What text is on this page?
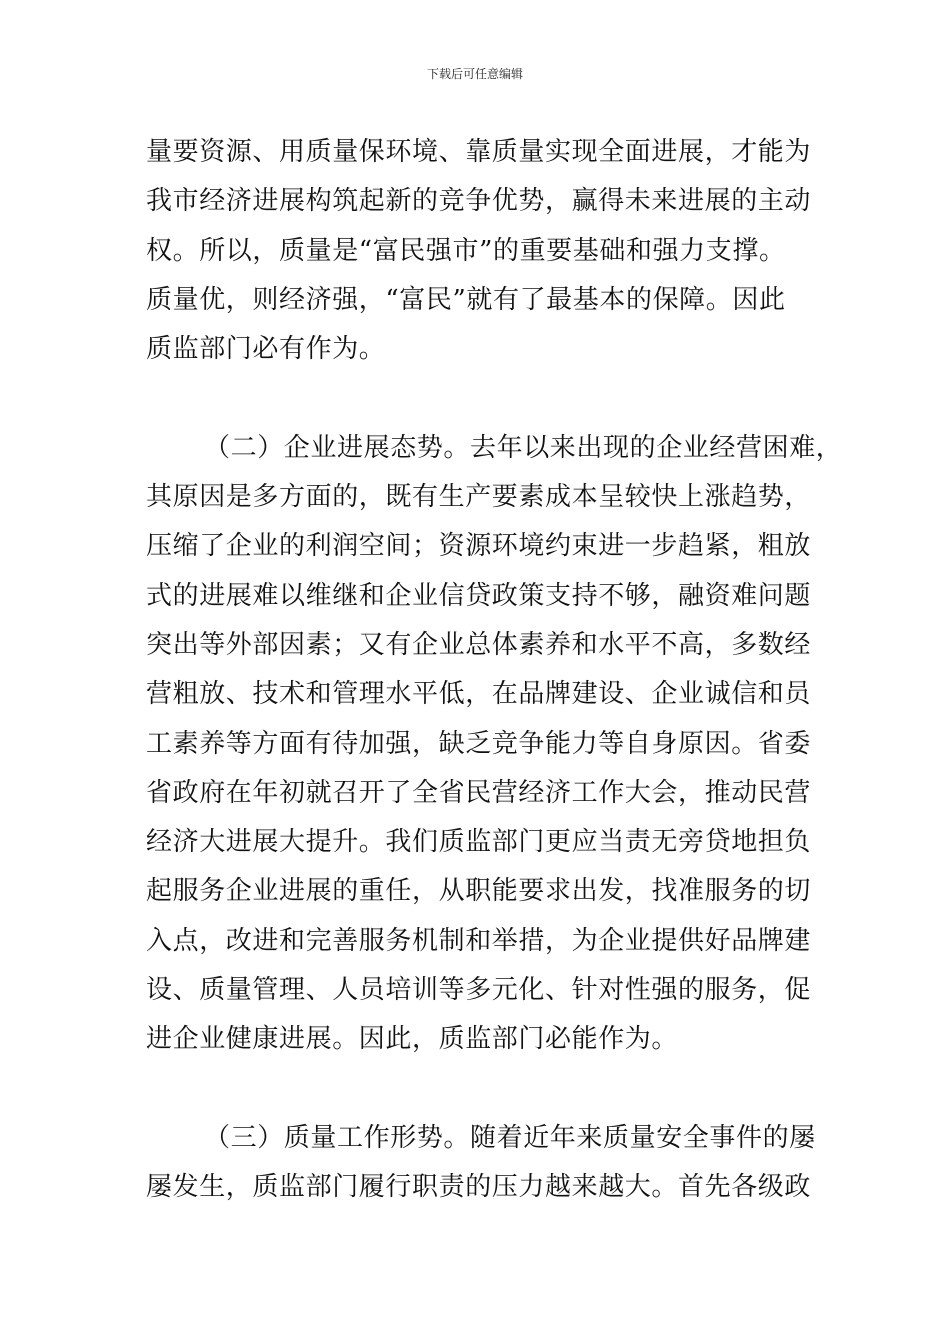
下载后可任意编辑
量要资源、用质量保环境、靠质量实现全面进展，才能为
我市经济进展构筑起新的竞争优势，赢得未来进展的主动
权。所以，质量是“富民强市”的重要基础和强力支撑。
质量优，则经济强，“富民”就有了最基本的保障。因此
质监部门必有作为。
（二）企业进展态势。去年以来出现的企业经营困难，
其原因是多方面的，既有生产要素成本呈较快上涨趋势，
压缩了企业的利润空间；资源环境约束进一步趋紧，粗放
式的进展难以维继和企业信贷政策支持不够，融资难问题
突出等外部因素；又有企业总体素养和水平不高，多数经
营粗放、技术和管理水平低，在品牌建设、企业诚信和员
工素养等方面有待加强，缺乏竞争能力等自身原因。省委
省政府在年初就召开了全省民营经济工作大会，推动民营
经济大进展大提升。我们质监部门更应当责无旁贷地担负
起服务企业进展的重任，从职能要求出发，找准服务的切
入点，改进和完善服务机制和举措，为企业提供好品牌建
设、质量管理、人员培训等多元化、针对性强的服务，促
进企业健康进展。因此，质监部门必能作为。
（三）质量工作形势。随着近年来质量安全事件的屡
屡发生，质监部门履行职责的压力越来越大。首先各级政
